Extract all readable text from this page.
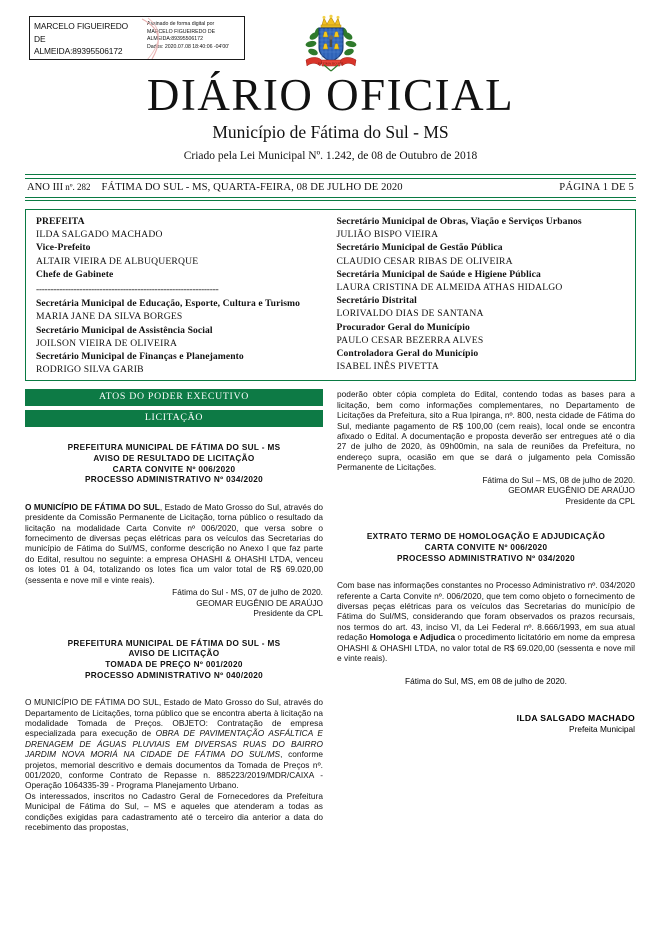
MARCELO FIGUEIREDO
DE
ALMEIDA:89395506172
Assinado de forma digital por
MARCELO FIGUEIREDO DE
ALMEIDA:89395506172
Dados: 2020.07.08 18:40:06 -04'00'
FÁTIMA DO SUL
DIÁRIO OFICIAL
Município de Fátima do Sul - MS
Criado pela Lei Municipal Nº. 1.242, de 08 de Outubro de 2018
ANO III nº. 282 FÁTIMA DO SUL - MS, QUARTA-FEIRA, 08 DE JULHO DE 2020	PÁGINA 1 DE 5
PREFEITA
ILDA SALGADO MACHADO
Vice-Prefeito
ALTAIR VIEIRA DE ALBUQUERQUE
Chefe de Gabinete
---------------------------------------------------------------
Secretária Municipal de Educação, Esporte, Cultura e Turismo
MARIA JANE DA SILVA BORGES
Secretário Municipal de Assistência Social
JOILSON VIEIRA DE OLIVEIRA
Secretário Municipal de Finanças e Planejamento
RODRIGO SILVA GARIB
Secretário Municipal de Obras, Viação e Serviços Urbanos
JULIÃO BISPO VIEIRA
Secretário Municipal de Gestão Pública
CLAUDIO CESAR RIBAS DE OLIVEIRA
Secretária Municipal de Saúde e Higiene Pública
LAURA CRISTINA DE ALMEIDA ATHAS HIDALGO
Secretário Distrital
LORIVALDO DIAS DE SANTANA
Procurador Geral do Município
PAULO CESAR BEZERRA ALVES
Controladora Geral do Município
ISABEL INÊS PIVETTA
ATOS DO PODER EXECUTIVO
LICITAÇÃO
PREFEITURA MUNICIPAL DE FÁTIMA DO SUL - MS
AVISO DE RESULTADO DE LICITAÇÃO
CARTA CONVITE Nº 006/2020
PROCESSO ADMINISTRATIVO Nº 034/2020
O MUNICÍPIO DE FÁTIMA DO SUL, Estado de Mato Grosso do Sul, através do presidente da Comissão Permanente de Licitação, torna público o resultado da licitação na modalidade Carta Convite nº 006/2020, que versa sobre o fornecimento de diversas peças elétricas para os veículos das Secretarias do município de Fátima do Sul/MS, conforme descrição no Anexo I que faz parte do Edital, resultou no seguinte: a empresa OHASHI & OHASHI LTDA, venceu os lotes 01 à 04, totalizando os lotes fica um valor total de R$ 69.020,00 (sessenta e nove mil e vinte reais).
Fátima do Sul - MS, 07 de julho de 2020.
GEOMAR EUGÊNIO DE ARAÚJO
Presidente da CPL
PREFEITURA MUNICIPAL DE FÁTIMA DO SUL - MS
AVISO DE LICITAÇÃO
TOMADA DE PREÇO Nº 001/2020
PROCESSO ADMINISTRATIVO Nº 040/2020
O MUNICÍPIO DE FÁTIMA DO SUL, Estado de Mato Grosso do Sul, através do Departamento de Licitações, torna público que se encontra aberta à licitação na modalidade Tomada de Preços. OBJETO: Contratação de empresa especializada para execução de OBRA DE PAVIMENTAÇÃO ASFÁLTICA E DRENAGEM DE ÁGUAS PLUVIAIS EM DIVERSAS RUAS DO BAIRRO JARDIM NOVA MORIÁ NA CIDADE DE FÁTIMA DO SUL/MS, conforme projetos, memorial descritivo e demais documentos da Tomada de Preços nº. 001/2020, conforme Contrato de Repasse n. 885223/2019/MDR/CAIXA - Operação 1064335-39 - Programa Planejamento Urbano.
Os interessados, inscritos no Cadastro Geral de Fornecedores da Prefeitura Municipal de Fátima do Sul, – MS e aqueles que atenderam a todas as condições exigidas para cadastramento até o terceiro dia anterior a data do recebimento das propostas,
poderão obter cópia completa do Edital, contendo todas as bases para a licitação, bem como informações complementares, no Departamento de Licitações da Prefeitura, sito a Rua Ipiranga, nº. 800, nesta cidade de Fátima do Sul, mediante pagamento de R$ 100,00 (cem reais), local onde se encontra afixado o Edital. A documentação e proposta deverão ser entregues até o dia 27 de julho de 2020, às 09h00min, na sala de reuniões da Prefeitura, no endereço supra, ocasião em que se dará o julgamento pela Comissão Permanente de Licitações.
Fátima do Sul – MS, 08 de julho de 2020.
GEOMAR EUGÊNIO DE ARAÚJO
Presidente da CPL
EXTRATO TERMO DE HOMOLOGAÇÃO E ADJUDICAÇÃO
CARTA CONVITE Nº 006/2020
PROCESSO ADMINISTRATIVO Nº 034/2020
Com base nas informações constantes no Processo Administrativo nº. 034/2020 referente a Carta Convite nº. 006/2020, que tem como objeto o fornecimento de diversas peças elétricas para os veículos das Secretarias do município de Fátima do Sul/MS, considerando que foram observados os prazos recursais, nos termos do art. 43, inciso VI, da Lei Federal nº. 8.666/1993, em sua atual redação Homologa e Adjudica o procedimento licitatório em nome da empresa OHASHI & OHASHI LTDA, no valor total de R$ 69.020,00 (sessenta e nove mil e vinte reais).
Fátima do Sul, MS, em 08 de julho de 2020.
ILDA SALGADO MACHADO
Prefeita Municipal
